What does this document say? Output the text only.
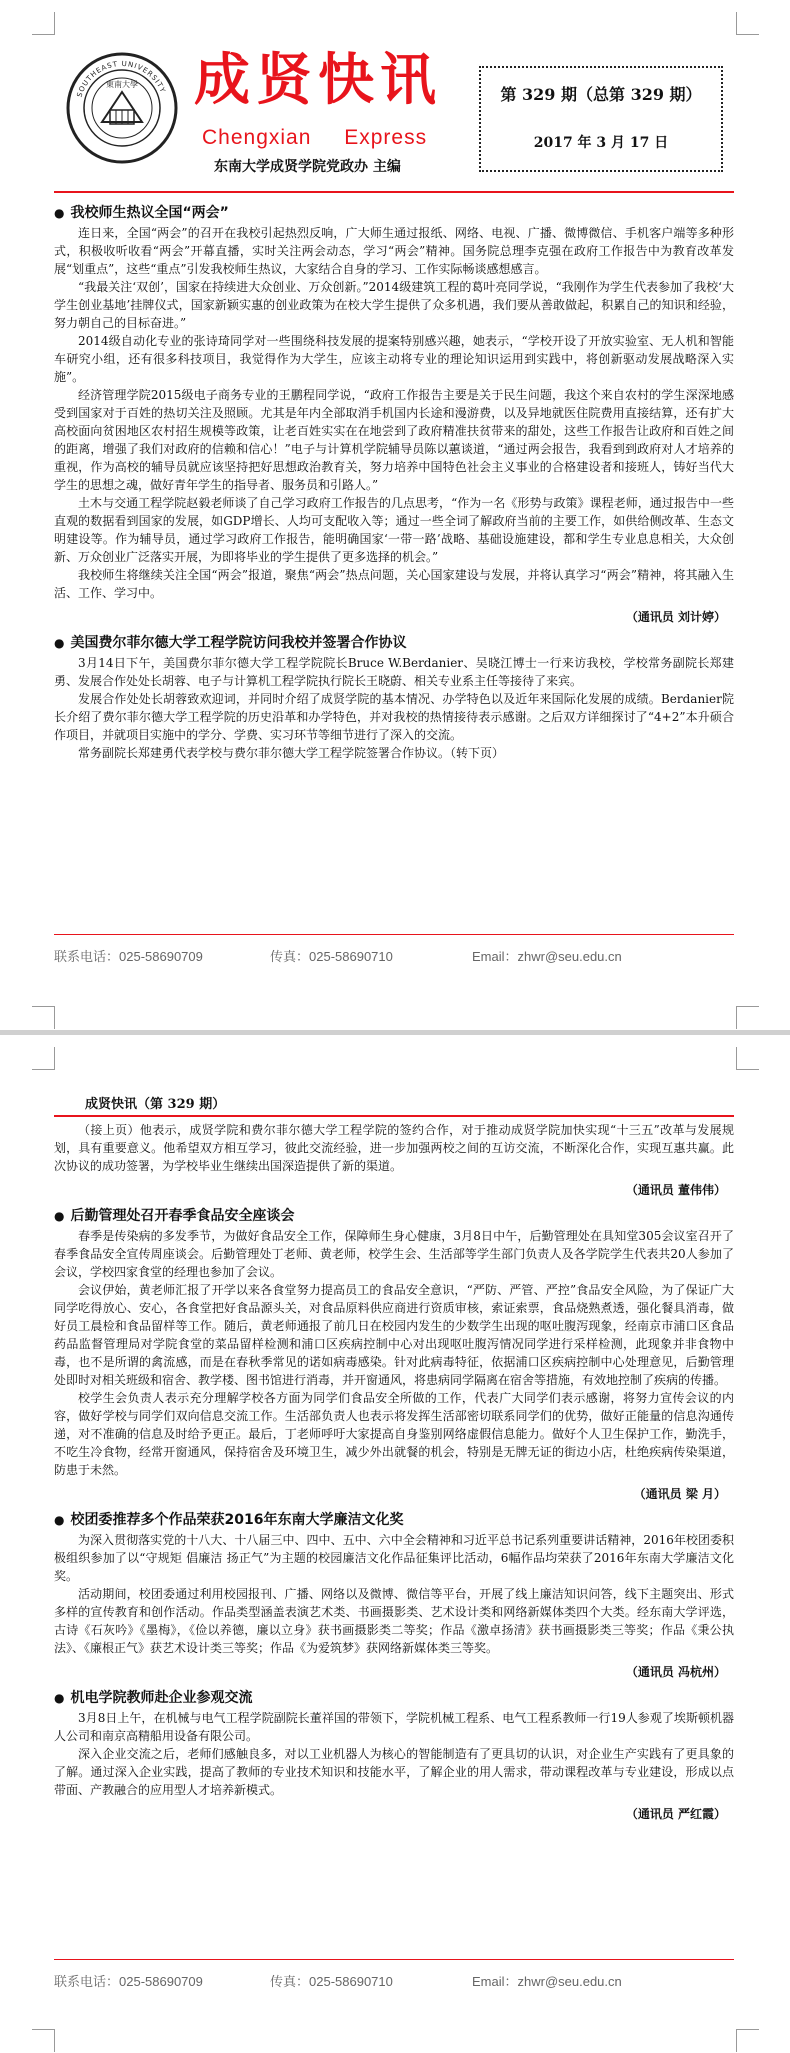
東南大學
SOUTHEAST UNIVERSITY 成贤快讯
Chengxian Express
东南大学成贤学院党政办 主编
第 329 期（总第 329 期）
2017 年 3 月 17 日
● 我校师生热议全国“两会”

连日来，全国“两会”的召开在我校引起热烈反响，广大师生通过报纸、网络、电视、广播、微博微信、手机客户端等多种形式，积极收听收看“两会”开幕直播，实时关注两会动态，学习“两会”精神。国务院总理李克强在政府工作报告中为教育改革发展“划重点”，这些“重点”引发我校师生热议，大家结合自身的学习、工作实际畅谈感想感言。

“我最关注‘双创’，国家在持续进大众创业、万众创新。”2014级建筑工程的葛叶亮同学说，“我刚作为学生代表参加了我校‘大学生创业基地’挂牌仪式，国家新颖实惠的创业政策为在校大学生提供了众多机遇，我们要从善敢做起，积累自己的知识和经验，努力朝自己的目标奋进。”

2014级自动化专业的张诗琦同学对一些围绕科技发展的提案特别感兴趣，她表示，“学校开设了开放实验室、无人机和智能车研究小组，还有很多科技项目，我觉得作为大学生，应该主动将专业的理论知识运用到实践中，将创新驱动发展战略深入实施”。

经济管理学院2015级电子商务专业的王鹏程同学说，“政府工作报告主要是关于民生问题，我这个来自农村的学生深深地感受到国家对于百姓的热切关注及照顾。尤其是年内全部取消手机国内长途和漫游费，以及异地就医住院费用直接结算，还有扩大高校面向贫困地区农村招生规模等政策，让老百姓实实在在地尝到了政府精准扶贫带来的甜处，这些工作报告让政府和百姓之间的距离，增强了我们对政府的信赖和信心！”电子与计算机学院辅导员陈以蕙谈道，“通过两会报告，我看到到政府对人才培养的重视，作为高校的辅导员就应该坚持把好思想政治教育关，努力培养中国特色社会主义事业的合格建设者和接班人，铸好当代大学生的思想之魂，做好青年学生的指导者、服务员和引路人。”

土木与交通工程学院赵毅老师谈了自己学习政府工作报告的几点思考，“作为一名《形势与政策》课程老师，通过报告中一些直观的数据看到国家的发展，如GDP增长、人均可支配收入等；通过一些全词了解政府当前的主要工作，如供给侧改革、生态文明建设等。作为辅导员，通过学习政府工作报告，能明确国家‘一带一路’战略、基础设施建设，都和学生专业息息相关，大众创新、万众创业广泛落实开展，为即将毕业的学生提供了更多选择的机会。”

我校师生将继续关注全国“两会”报道，聚焦“两会”热点问题，关心国家建设与发展，并将认真学习“两会”精神，将其融入生活、工作、学习中。

（通讯员 刘计婷）
● 美国费尔菲尔德大学工程学院访问我校并签署合作协议

3月14日下午，美国费尔菲尔德大学工程学院院长Bruce W.Berdanier、吴晓江博士一行来访我校，学校常务副院长郑建勇、发展合作处处长胡蓉、电子与计算机工程学院执行院长王晓蔚、相关专业系主任等接待了来宾。

发展合作处处长胡蓉致欢迎词，并同时介绍了成贤学院的基本情况、办学特色以及近年来国际化发展的成绩。Berdanier院长介绍了费尔菲尔德大学工程学院的历史沿革和办学特色，并对我校的热情接待表示感谢。之后双方详细探讨了“4+2”本升硕合作项目，并就项目实施中的学分、学费、实习环节等细节进行了深入的交流。

常务副院长郑建勇代表学校与费尔菲尔德大学工程学院签署合作协议。（转下页）

联系电话：025-58690709	传真：025-58690710	Email：zhwr@seu.edu.cn
成贤快讯（第 329 期）

（接上页）他表示，成贤学院和费尔菲尔德大学工程学院的签约合作，对于推动成贤学院加快实现“十三五”改革与发展规划，具有重要意义。他希望双方相互学习，彼此交流经验，进一步加强两校之间的互访交流，不断深化合作，实现互惠共赢。此次协议的成功签署，为学校毕业生继续出国深造提供了新的渠道。

（通讯员 董伟伟）
● 后勤管理处召开春季食品安全座谈会

春季是传染病的多发季节，为做好食品安全工作，保障师生身心健康，3月8日中午，后勤管理处在具知堂305会议室召开了春季食品安全宣传周座谈会。后勤管理处丁老师、黄老师，校学生会、生活部等学生部门负责人及各学院学生代表共20人参加了会议，学校四家食堂的经理也参加了会议。

会议伊始，黄老师汇报了开学以来各食堂努力提高员工的食品安全意识，“严防、严管、严控”食品安全风险，为了保证广大同学吃得放心、安心，各食堂把好食品源头关，对食品原料供应商进行资质审核，索证索票，食品烧熟煮透，强化餐具消毒，做好员工晨检和食品留样等工作。随后，黄老师通报了前几日在校园内发生的少数学生出现的呕吐腹泻现象，经南京市浦口区食品药品监督管理局对学院食堂的菜品留样检测和浦口区疾病控制中心对出现呕吐腹泻情况同学进行采样检测，此现象并非食物中毒，也不是所谓的禽流感，而是在春秋季常见的诺如病毒感染。针对此病毒特征，依据浦口区疾病控制中心处理意见，后勤管理处即时对相关班级和宿舍、教学楼、图书馆进行消毒，并开窗通风，将患病同学隔离在宿舍等措施，有效地控制了疾病的传播。

校学生会负责人表示充分理解学校各方面为同学们食品安全所做的工作，代表广大同学们表示感谢，将努力宣传会议的内容，做好学校与同学们双向信息交流工作。生活部负责人也表示将发挥生活部密切联系同学们的优势，做好正能量的信息沟通传递，对不准确的信息及时给予更正。最后，丁老师呼吁大家提高自身鉴别网络虚假信息能力。做好个人卫生保护工作，勤洗手，不吃生冷食物，经常开窗通风，保持宿舍及环境卫生，减少外出就餐的机会，特别是无牌无证的街边小店，杜绝疾病传染渠道，防患于未然。

（通讯员 梁 月）
● 校团委推荐多个作品荣获2016年东南大学廉洁文化奖

为深入贯彻落实党的十八大、十八届三中、四中、五中、六中全会精神和习近平总书记系列重要讲话精神，2016年校团委积极组织参加了以“守规矩 倡廉洁 扬正气”为主题的校园廉洁文化作品征集评比活动，6幅作品均荣获了2016年东南大学廉洁文化奖。

活动期间，校团委通过利用校园报刊、广播、网络以及微博、微信等平台，开展了线上廉洁知识问答，线下主题突出、形式多样的宣传教育和创作活动。作品类型涵盖表演艺术类、书画摄影类、艺术设计类和网络新媒体类四个大类。经东南大学评选，古诗《石灰吟》《墨梅》，《俭以养德，廉以立身》获书画摄影类二等奖；作品《激卓扬清》获书画摄影类三等奖；作品《秉公执法》、《廉根正气》获艺术设计类三等奖；作品《为爱筑梦》获网络新媒体类三等奖。

（通讯员 冯杭州）
● 机电学院教师赴企业参观交流

3月8日上午，在机械与电气工程学院副院长董祥国的带领下，学院机械工程系、电气工程系教师一行19人参观了埃斯顿机器人公司和南京高精船用设备有限公司。

深入企业交流之后，老师们感触良多，对以工业机器人为核心的智能制造有了更具切的认识，对企业生产实践有了更具象的了解。通过深入企业实践，提高了教师的专业技术知识和技能水平，了解企业的用人需求，带动课程改革与专业建设，形成以点带面、产教融合的应用型人才培养新模式。

（通讯员 严红霞）
联系电话：025-58690709	传真：025-58690710	Email：zhwr@seu.edu.cn
